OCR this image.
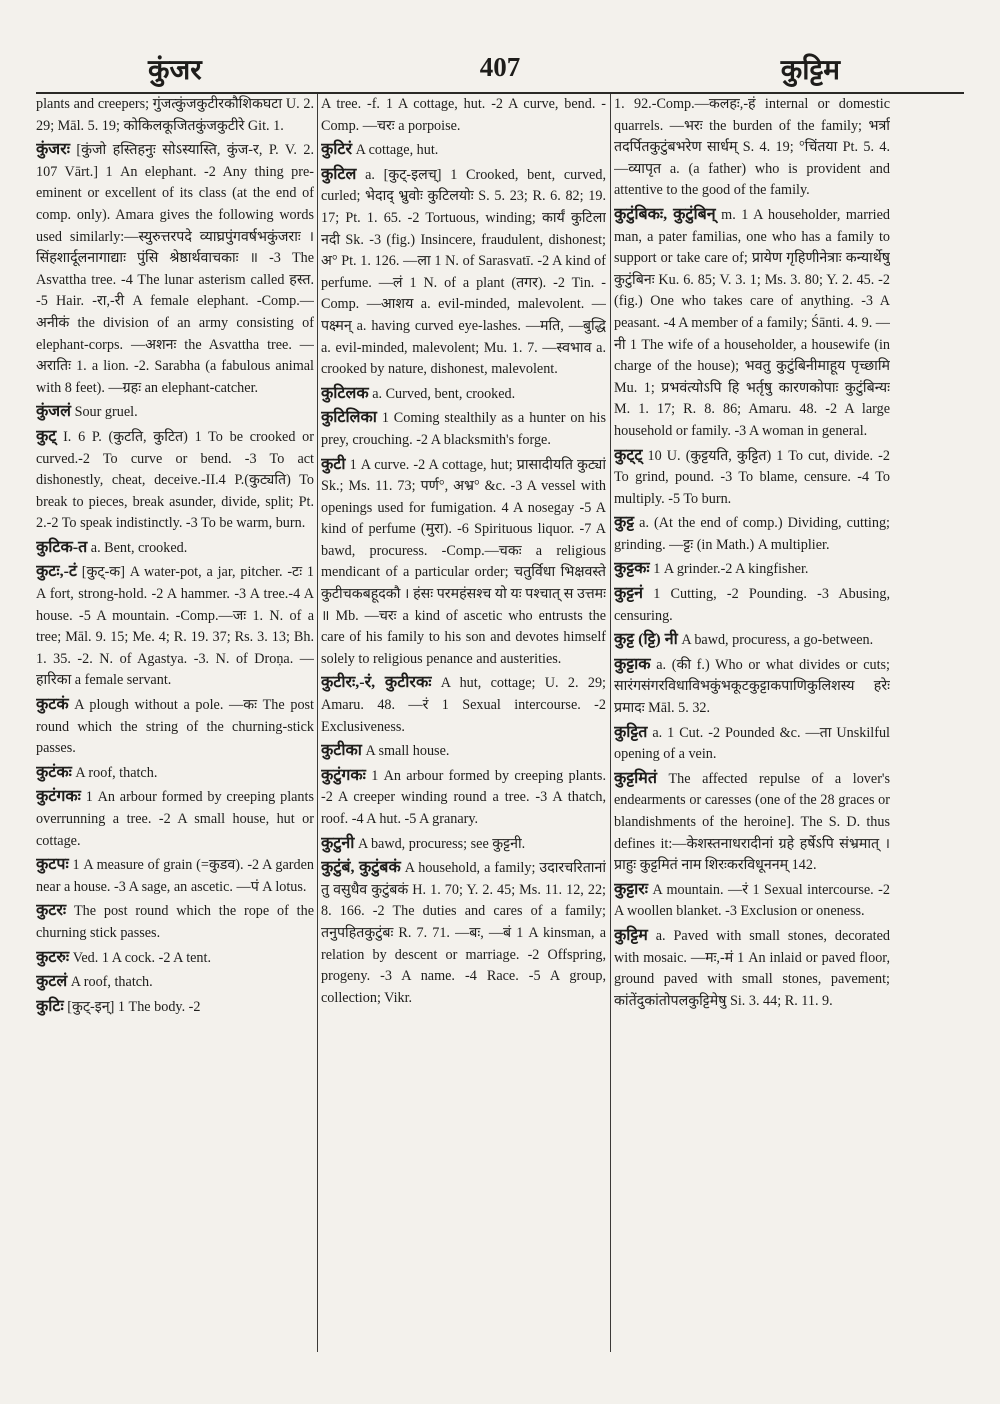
कुंजर	407	कुट्टिम

plants and creepers; गुंजत्कुंजकुटीरकौशिकघटा U. 2. 29; Māl. 5. 19; कोकिलकूजितकुंजकुटीरे Git. 1.

कुंजरः [कुंजो हस्तिहनुः सोऽस्यास्ति, कुंज-र, P. V. 2. 107 Vārt.] 1 An elephant. -2 Any thing pre-eminent or excellent of its class (at the end of comp. only). Amara gives the following words used similarly:—स्युरुत्तरपदे व्याघ्रपुंगवर्षभकुंजराः । सिंहशार्दूलनागाद्याः पुंसि श्रेष्ठार्थवाचकाः ॥ -3 The Asvattha tree. -4 The lunar asterism called हस्त. -5 Hair. -रा,-री A female elephant. -Comp.—अनीकं the division of an army consisting of elephant-corps. —अशनः the Asvattha tree. —अरातिः 1. a lion. -2. Sarabha (a fabulous animal with 8 feet). —ग्रहः an elephant-catcher.

कुंजलं Sour gruel.

कुट् I. 6 P. (कुटति, कुटित) 1 To be crooked or curved.-2 To curve or bend. -3 To act dishonestly, cheat, deceive.-II.4 P.(कुट्यति) To break to pieces, break asunder, divide, split; Pt. 2.-2 To speak indistinctly. -3 To be warm, burn.

कुटिक-त a. Bent, crooked.

कुटः,-टं [कुट्-क] A water-pot, a jar, pitcher. -टः 1 A fort, strong-hold. -2 A hammer. -3 A tree.-4 A house. -5 A mountain. -Comp.—जः 1. N. of a tree; Māl. 9. 15; Me. 4; R. 19. 37; Rs. 3. 13; Bh. 1. 35. -2. N. of Agastya. -3. N. of Droṇa. —हारिका a female servant.

कुटकं A plough without a pole. —कः The post round which the string of the churning-stick passes.

कुटंकः A roof, thatch.

कुटंगकः 1 An arbour formed by creeping plants overrunning a tree. -2 A small house, hut or cottage.

कुटपः 1 A measure of grain (=कुडव). -2 A garden near a house. -3 A sage, an ascetic. —पं A lotus.

कुटरः The post round which the rope of the churning stick passes.

कुटरुः Ved. 1 A cock. -2 A tent.

कुटलं A roof, thatch.

कुटिः [कुट्-इन्] 1 The body. -2

A tree. -f. 1 A cottage, hut. -2 A curve, bend. -Comp. —चरः a porpoise.

कुटिरं A cottage, hut.

कुटिल a. [कुट्-इलच्] 1 Crooked, bent, curved, curled; भेदाद् भ्रुवोः कुटिलयोः S. 5. 23; R. 6. 82; 19. 17; Pt. 1. 65. -2 Tortuous, winding; कार्यं कुटिला नदी Sk. -3 (fig.) Insincere, fraudulent, dishonest; अ° Pt. 1. 126. —ला 1 N. of Sarasvatī. -2 A kind of perfume. —लं 1 N. of a plant (तगर). -2 Tin. -Comp. —आशय a. evil-minded, malevolent. —पक्ष्मन् a. having curved eye-lashes. —मति, —बुद्धि a. evil-minded, malevolent; Mu. 1. 7. —स्वभाव a. crooked by nature, dishonest, malevolent.

कुटिलक a. Curved, bent, crooked.

कुटिलिका 1 Coming stealthily as a hunter on his prey, crouching. -2 A blacksmith's forge.

कुटी 1 A curve. -2 A cottage, hut; प्रासादीयति कुट्यां Sk.; Ms. 11. 73; पर्ण°, अभ्र° &c. -3 A vessel with openings used for fumigation. 4 A nosegay -5 A kind of perfume (मुरा). -6 Spirituous liquor. -7 A bawd, procuress. -Comp.—चकः a religious mendicant of a particular order; चतुर्विधा भिक्षवस्ते कुटीचकबहूदकौ । हंसः परमहंसश्च यो यः पश्चात् स उत्तमः ॥ Mb. —चरः a kind of ascetic who entrusts the care of his family to his son and devotes himself solely to religious penance and austerities.

कुटीरः,-रं, कुटीरकः A hut, cottage; U. 2. 29; Amaru. 48. —रं 1 Sexual intercourse. -2 Exclusiveness.

कुटीका A small house.

कुटुंगकः 1 An arbour formed by creeping plants. -2 A creeper winding round a tree. -3 A thatch, roof. -4 A hut. -5 A granary.

कुटुनी A bawd, procuress; see कुट्टनी.

कुटुंबं, कुटुंबकं A household, a family; उदारचरितानां तु वसुधैव कुटुंबकं H. 1. 70; Y. 2. 45; Ms. 11. 12, 22; 8. 166. -2 The duties and cares of a family; तनुपहितकुटुंबः R. 7. 71. —बः, —बं 1 A kinsman, a relation by descent or marriage. -2 Offspring, progeny. -3 A name. -4 Race. -5 A group, collection; Vikr.

1. 92.-Comp.—कलहः,-हं internal or domestic quarrels. —भरः the burden of the family; भर्त्रा तदर्पितकुटुंबभरेण सार्धम् S. 4. 19; °चिंतया Pt. 5. 4. —व्यापृत a. (a father) who is provident and attentive to the good of the family.

कुटुंबिकः, कुटुंबिन् m. 1 A householder, married man, a pater familias, one who has a family to support or take care of; प्रायेण गृहिणीनेत्राः कन्यार्थेषु कुटुंबिनः Ku. 6. 85; V. 3. 1; Ms. 3. 80; Y. 2. 45. -2 (fig.) One who takes care of anything. -3 A peasant. -4 A member of a family; Śānti. 4. 9. —नी 1 The wife of a householder, a housewife (in charge of the house); भवतु कुटुंबिनीमाहूय पृच्छामि Mu. 1; प्रभवंत्योऽपि हि भर्तृषु कारणकोपाः कुटुंबिन्यः M. 1. 17; R. 8. 86; Amaru. 48. -2 A large household or family. -3 A woman in general.

कुट्ट् 10 U. (कुट्टयति, कुट्टित) 1 To cut, divide. -2 To grind, pound. -3 To blame, censure. -4 To multiply. -5 To burn.

कुट्ट a. (At the end of comp.) Dividing, cutting; grinding. —ट्टः (in Math.) A multiplier.

कुट्टकः 1 A grinder.-2 A kingfisher.

कुट्टनं 1 Cutting, -2 Pounding. -3 Abusing, censuring.

कुट्ट (ट्टि) नी A bawd, procuress, a go-between.

कुट्टाक a. (की f.) Who or what divides or cuts; सारंगसंगरविधाविभकुंभकूटकुट्टाकपाणिकुलिशस्य हरेः प्रमादः Māl. 5. 32.

कुट्टित a. 1 Cut. -2 Pounded &c. —ता Unskilful opening of a vein.

कुट्टमितं The affected repulse of a lover's endearments or caresses (one of the 28 graces or blandishments of the heroine]. The S. D. thus defines it:—केशस्तनाधरादीनां ग्रहे हर्षेऽपि संभ्रमात् । प्राहुः कुट्टमितं नाम शिरःकरविधूननम् 142.

कुट्टारः A mountain. —रं 1 Sexual intercourse. -2 A woollen blanket. -3 Exclusion or oneness.

कुट्टिम a. Paved with small stones, decorated with mosaic. —मः,-मं 1 An inlaid or paved floor, ground paved with small stones, pavement; कांतेंदुकांतोपलकुट्टिमेषु Si. 3. 44; R. 11. 9.
